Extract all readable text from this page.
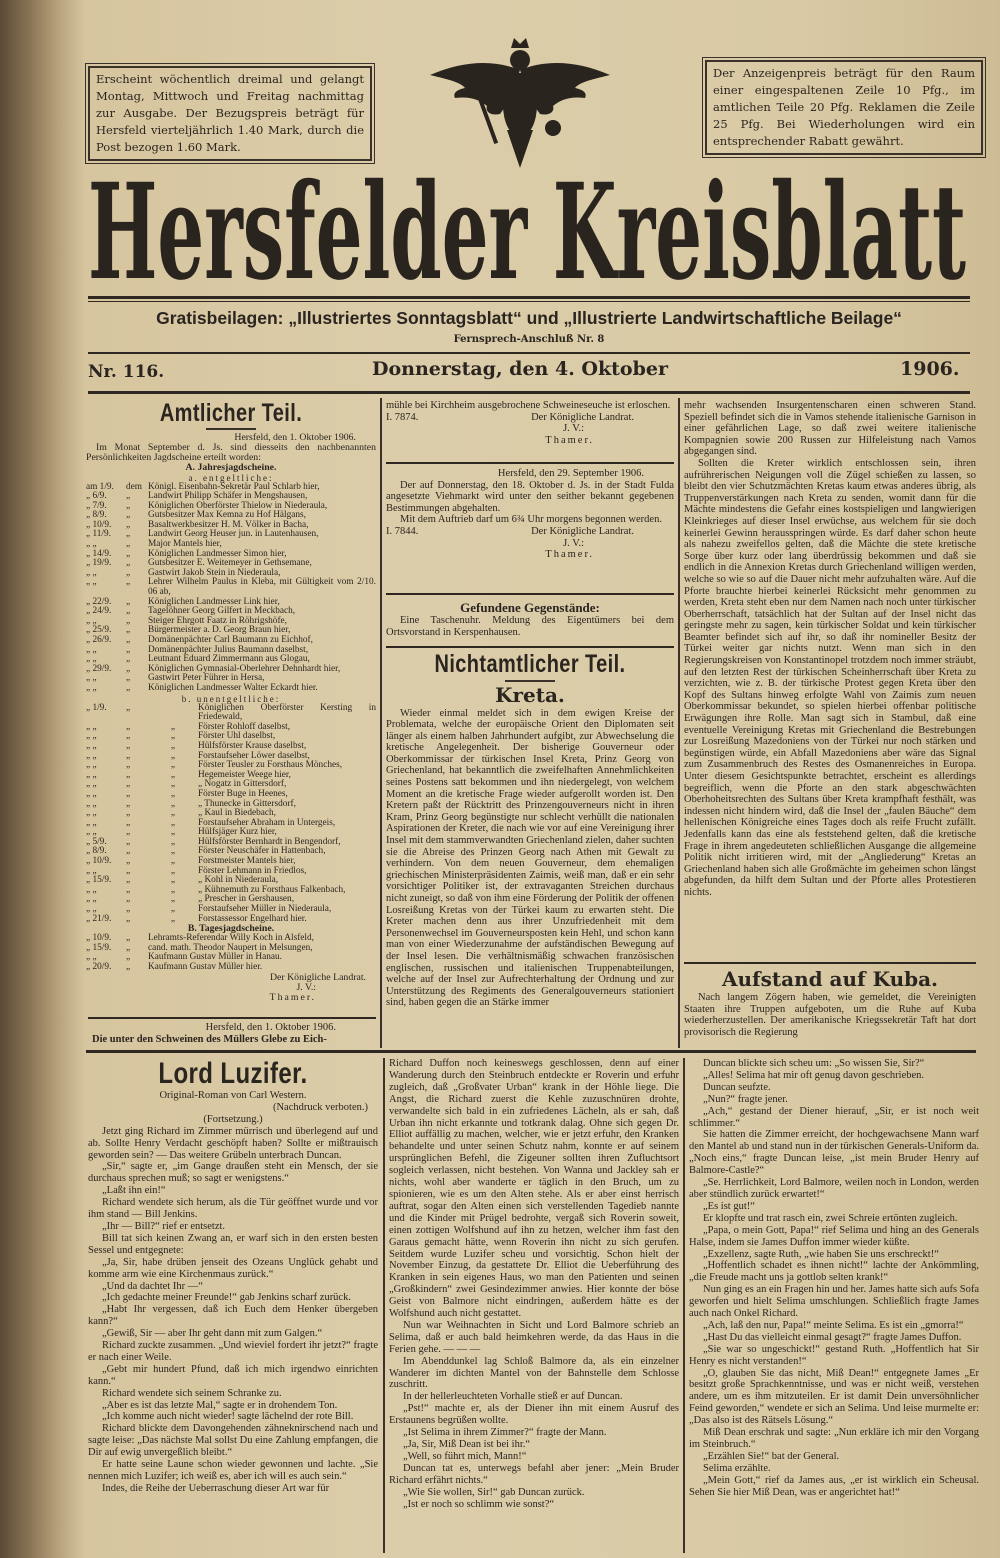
Erscheint wöchentlich dreimal und gelangt Montag, Mittwoch und Freitag nachmittag zur Ausgabe. Der Bezugspreis beträgt für Hersfeld vierteljährlich 1.40 Mark, durch die Post bezogen 1.60 Mark.
Der Anzeigenpreis beträgt für den Raum einer eingespaltenen Zeile 10 Pfg., im amtlichen Teile 20 Pfg. Reklamen die Zeile 25 Pfg. Bei Wiederholungen wird ein entsprechender Rabatt gewährt.
Hersfelder Kreisblatt
Gratisbeilagen: „Illustriertes Sonntagsblatt“ und „Illustrierte Landwirtschaftliche Beilage“
Fernsprech-Anschluß Nr. 8
Nr. 116.	Donnerstag, den 4. Oktober	1906.
Amtlicher Teil.
Hersfeld, den 1. Oktober 1906.

Im Monat September d. Js. sind diesseits den nachbenannten Persönlichkeiten Jagdscheine erteilt worden:

A. Jahresjagdscheine.
a. entgeltliche:
am 1/9.	dem Königl. Eisenbahn-Sekretär Paul Schlarb hier,
„ 6/9.	„	Landwirt Philipp Schäfer in Mengshausen,
„ 7/9.	„	Königlichen Oberförster Thielow in Niederaula,
„ 8/9.	„	Gutsbesitzer Max Kemna zu Hof Hälgans,
„ 10/9.	„	Basaltwerkbesitzer H. M. Völker in Bacha,
„ 11/9.	„	Landwirt Georg Heuser jun. in Lautenhausen,
„ „	„	Major Mantels hier,
„ 14/9.	„	Königlichen Landmesser Simon hier,
„ 19/9.	„	Gutsbesitzer E. Weitemeyer in Gethsemane,
„ „	„	Gastwirt Jakob Stein in Niederaula,
„ „	„	Lehrer Wilhelm Paulus in Kleba, mit Gültigkeit vom 2/10. 06 ab,
„ 22/9.	„	Königlichen Landmesser Link hier,
„ 24/9.	„	Tagelöhner Georg Gilfert in Meckbach,
„ „	„	Steiger Ehrgott Faatz in Röhrigshöfe,
„ 25/9.	„	Bürgermeister a. D. Georg Braun hier,
„ 26/9.	„	Domänenpächter Carl Baumann zu Eichhof,
„ „	„	Domänenpächter Julius Baumann daselbst,
„ „	„	Leutnant Eduard Zimmermann aus Glogau,
„ 29/9.	„	Königlichen Gymnasial-Oberlehrer Dehnhardt hier,
„ „	„	Gastwirt Peter Führer in Hersa,
„ „	„	Königlichen Landmesser Walter Eckardt hier.
b. unentgeltliche:
„ 1/9.	„	Königlichen Oberförster Kersting in Friedewald,
„ „	„	„	Förster Rohloff daselbst,
„ „	„	„	Förster Uhl daselbst,
„ „	„	„	Hülfsförster Krause daselbst,
„ „	„	„	Forstaufseher Löwer daselbst,
„ „	„	„	Förster Teusler zu Forsthaus Mönches,
„ „	„	„	Hegemeister Weege hier,
„ „	„	„	„ Nogatz in Gittersdorf,
„ „	„	„	Förster Buge in Heenes,
„ „	„	„	„ Thunecke in Gittersdorf,
„ „	„	„	„ Kaul in Biedebach,
„ „	„	„	Forstaufseher Abraham in Untergeis,
„ „	„	„	Hülfsjäger Kurz hier,
„ 5/9.	„	„	Hülfsförster Bernhardt in Bengendorf,
„ 8/9.	„	„	Förster Neuschäfer in Hattenbach,
„ 10/9.	„	„	Forstmeister Mantels hier,
„ „	„	„	Förster Lehmann in Friedlos,
„ 15/9.	„	„	„ Kohl in Niederaula,
„ „	„	„	„ Kühnemuth zu Forsthaus Falkenbach,
„ „	„	„	„ Prescher in Gershausen,
„ „	„	„	Forstaufseher Müller in Niederaula,
„ 21/9.	„	„	Forstassessor Engelhard hier.
B. Tagesjagdscheine.
„ 10/9.	„	Lehramts-Referendar Willy Koch in Alsfeld,
„ 15/9.	„	cand. math. Theodor Naupert in Melsungen,
„ „	„	Kaufmann Gustav Müller in Hanau.
„ 20/9.	„	Kaufmann Gustav Müller hier.
Der Königliche Landrat.
J. V.:
Thamer.
Hersfeld, den 1. Oktober 1906.

Die unter den Schweinen des Müllers Glebe zu Eich-

mühle bei Kirchheim ausgebrochene Schweineseuche ist erloschen.
I. 7874.	Der Königliche Landrat.
J. V.:
Thamer.
Hersfeld, den 29. September 1906.

Der auf Donnerstag, den 18. Oktober d. Js. in der Stadt Fulda angesetzte Viehmarkt wird unter den seither bekannt gegebenen Bestimmungen abgehalten.

Mit dem Auftrieb darf um 6¾ Uhr morgens begonnen werden.

I. 7844.	Der Königliche Landrat.
J. V.:
Thamer.
Gefundene Gegenstände:

Eine Taschenuhr. Meldung des Eigentümers bei dem Ortsvorstand in Kerspenhausen.

Nichtamtlicher Teil.
Kreta.

Wieder einmal meldet sich in dem ewigen Kreise der Problemata, welche der europäische Orient den Diplomaten seit länger als einem halben Jahrhundert aufgibt, zur Abwechselung die kretische Angelegenheit. Der bisherige Gouverneur oder Oberkommissar der türkischen Insel Kreta, Prinz Georg von Griechenland, hat bekanntlich die zweifelhaften Annehmlichkeiten seines Postens satt bekommen und ihn niedergelegt, von welchem Moment an die kretische Frage wieder aufgerollt worden ist. Den Kretern paßt der Rücktritt des Prinzengouverneurs nicht in ihren Kram, Prinz Georg begünstigte nur schlecht verhüllt die nationalen Aspirationen der Kreter, die nach wie vor auf eine Vereinigung ihrer Insel mit dem stammverwandten Griechenland zielen, daher suchten sie die Abreise des Prinzen Georg nach Athen mit Gewalt zu verhindern. Von dem neuen Gouverneur, dem ehemaligen griechischen Ministerpräsidenten Zaimis, weiß man, daß er ein sehr vorsichtiger Politiker ist, der extravaganten Streichen durchaus nicht zuneigt, so daß von ihm eine Förderung der Politik der offenen Losreißung Kretas von der Türkei kaum zu erwarten steht. Die Kreter machen denn aus ihrer Unzufriedenheit mit dem Personenwechsel im Gouverneursposten kein Hehl, und schon kann man von einer Wiederzunahme der aufständischen Bewegung auf der Insel lesen. Die verhältnismäßig schwachen französischen englischen, russischen und italienischen Truppenabteilungen, welche auf der Insel zur Aufrechterhaltung der Ordnung und zur Unterstützung des Regiments des Generalgouverneurs stationiert sind, haben gegen die an Stärke immer

mehr wachsenden Insurgentenscharen einen schweren Stand. Speziell befindet sich die in Vamos stehende italienische Garnison in einer gefährlichen Lage, so daß zwei weitere italienische Kompagnien sowie 200 Russen zur Hilfeleistung nach Vamos abgegangen sind.

Sollten die Kreter wirklich entschlossen sein, ihren aufrührerischen Neigungen voll die Zügel schießen zu lassen, so bleibt den vier Schutzmächten Kretas kaum etwas anderes übrig, als Truppenverstärkungen nach Kreta zu senden, womit dann für die Mächte mindestens die Gefahr eines kostspieligen und langwierigen Kleinkrieges auf dieser Insel erwüchse, aus welchem für sie doch keinerlei Gewinn herausspringen würde. Es darf daher schon heute als nahezu zweifellos gelten, daß die Mächte die stete kretische Sorge über kurz oder lang überdrüssig bekommen und daß sie endlich in die Annexion Kretas durch Griechenland willigen werden, welche so wie so auf die Dauer nicht mehr aufzuhalten wäre. Auf die Pforte brauchte hierbei keinerlei Rücksicht mehr genommen zu werden, Kreta steht eben nur dem Namen nach noch unter türkischer Oberherrschaft, tatsächlich hat der Sultan auf der Insel nicht das geringste mehr zu sagen, kein türkischer Soldat und kein türkischer Beamter befindet sich auf ihr, so daß ihr nomineller Besitz der Türkei weiter gar nichts nutzt. Wenn man sich in den Regierungskreisen von Konstantinopel trotzdem noch immer sträubt, auf den letzten Rest der türkischen Scheinherrschaft über Kreta zu verzichten, wie z. B. der türkische Protest gegen Kreta über den Kopf des Sultans hinweg erfolgte Wahl von Zaimis zum neuen Oberkommissar bekundet, so spielen hierbei offenbar politische Erwägungen ihre Rolle. Man sagt sich in Stambul, daß eine eventuelle Vereinigung Kretas mit Griechenland die Bestrebungen zur Losreißung Mazedoniens von der Türkei nur noch stärken und begünstigen würde, ein Abfall Mazedoniens aber wäre das Signal zum Zusammenbruch des Restes des Osmanenreiches in Europa. Unter diesem Gesichtspunkte betrachtet, erscheint es allerdings begreiflich, wenn die Pforte an den stark abgeschwächten Oberhoheitsrechten des Sultans über Kreta krampfhaft festhält, was indessen nicht hindern wird, daß die Insel der „faulen Bäuche“ dem hellenischen Königreiche eines Tages doch als reife Frucht zufällt. Jedenfalls kann das eine als feststehend gelten, daß die kretische Frage in ihrem angedeuteten schließlichen Ausgange die allgemeine Politik nicht irritieren wird, mit der „Angliederung“ Kretas an Griechenland haben sich alle Großmächte im geheimen schon längst abgefunden, da hilft dem Sultan und der Pforte alles Protestieren nichts.

Aufstand auf Kuba.

Nach langem Zögern haben, wie gemeldet, die Vereinigten Staaten ihre Truppen aufgeboten, um die Ruhe auf Kuba wiederherzustellen. Der amerikanische Kriegssekretär Taft hat dort provisorisch die Regierung

Lord Luzifer.
Original-Roman von Carl Western.
(Nachdruck verboten.)
(Fortsetzung.)

Jetzt ging Richard im Zimmer mürrisch und überlegend auf und ab. Sollte Henry Verdacht geschöpft haben? Sollte er mißtrauisch geworden sein? — Das weitere Grübeln unterbrach Duncan.

„Sir,“ sagte er, „im Gange draußen steht ein Mensch, der sie durchaus sprechen muß; so sagt er wenigstens.“

„Laßt ihn ein!“

Richard wendete sich herum, als die Tür geöffnet wurde und vor ihm stand — Bill Jenkins.

„Ihr — Bill?“ rief er entsetzt.

Bill tat sich keinen Zwang an, er warf sich in den ersten besten Sessel und entgegnete:

„Ja, Sir, habe drüben jenseit des Ozeans Unglück gehabt und komme arm wie eine Kirchenmaus zurück.“

„Und da dachtet Ihr —“

„Ich gedachte meiner Freunde!“ gab Jenkins scharf zurück.

„Habt Ihr vergessen, daß ich Euch dem Henker übergeben kann?“

„Gewiß, Sir — aber Ihr geht dann mit zum Galgen.“

Richard zuckte zusammen. „Und wieviel fordert ihr jetzt?“ fragte er nach einer Weile.

„Gebt mir hundert Pfund, daß ich mich irgendwo einrichten kann.“

Richard wendete sich seinem Schranke zu.

„Aber es ist das letzte Mal,“ sagte er in drohendem Ton.

„Ich komme auch nicht wieder! sagte lächelnd der rote Bill.

Richard blickte dem Davongehenden zähneknirschend nach und sagte leise: „Das nächste Mal sollst Du eine Zahlung empfangen, die Dir auf ewig unvergeßlich bleibt.“

Er hatte seine Laune schon wieder gewonnen und lachte. „Sie nennen mich Luzifer; ich weiß es, aber ich will es auch sein.“

Indes, die Reihe der Ueberraschung dieser Art war für

Richard Duffon noch keineswegs geschlossen, denn auf einer Wanderung durch den Steinbruch entdeckte er Roverin und erfuhr zugleich, daß „Großvater Urban“ krank in der Höhle liege. Die Angst, die Richard zuerst die Kehle zuzuschnüren drohte, verwandelte sich bald in ein zufriedenes Lächeln, als er sah, daß Urban ihn nicht erkannte und totkrank dalag. Ohne sich gegen Dr. Elliot auffällig zu machen, welcher, wie er jetzt erfuhr, den Kranken behandelte und unter seinen Schutz nahm, konnte er auf seinem ursprünglichen Befehl, die Zigeuner sollten ihren Zufluchtsort sogleich verlassen, nicht bestehen. Von Wanna und Jackley sah er nichts, wohl aber wanderte er täglich in den Bruch, um zu spionieren, wie es um den Alten stehe. Als er aber einst herrisch auftrat, sogar den Alten einen sich verstellenden Tagedieb nannte und die Kinder mit Prügel bedrohte, vergaß sich Roverin soweit, einen zottigen Wolfshund auf ihn zu hetzen, welcher ihm fast den Garaus gemacht hätte, wenn Roverin ihn nicht zu sich gerufen. Seitdem wurde Luzifer scheu und vorsichtig. Schon hielt der November Einzug, da gestattete Dr. Elliot die Ueberführung des Kranken in sein eigenes Haus, wo man den Patienten und seinen „Großkindern“ zwei Gesindezimmer anwies. Hier konnte der böse Geist von Balmore nicht eindringen, außerdem hätte es der Wolfshund auch nicht gestattet.

Nun war Weihnachten in Sicht und Lord Balmore schrieb an Selima, daß er auch bald heimkehren werde, da das Haus in die Ferien gehe. — — —

Im Abenddunkel lag Schloß Balmore da, als ein einzelner Wanderer im dichten Mantel von der Bahnstelle dem Schlosse zuschritt.

In der hellerleuchteten Vorhalle stieß er auf Duncan.

„Pst!“ machte er, als der Diener ihn mit einem Ausruf des Erstaunens begrüßen wollte.

„Ist Selima in ihrem Zimmer?“ fragte der Mann.

„Ja, Sir, Miß Dean ist bei ihr.“

„Well, so führt mich, Mann!“

Duncan tat es, unterwegs befahl aber jener: „Mein Bruder Richard erfährt nichts.“

„Wie Sie wollen, Sir!“ gab Duncan zurück.

„Ist er noch so schlimm wie sonst?“

Duncan blickte sich scheu um: „So wissen Sie, Sir?“

„Alles! Selima hat mir oft genug davon geschrieben.

Duncan seufzte.

„Nun?“ fragte jener.

„Ach,“ gestand der Diener hierauf, „Sir, er ist noch weit schlimmer.“

Sie hatten die Zimmer erreicht, der hochgewachsene Mann warf den Mantel ab und stand nun in der türkischen Generals-Uniform da. „Noch eins,“ fragte Duncan leise, „ist mein Bruder Henry auf Balmore-Castle?“

„Se. Herrlichkeit, Lord Balmore, weilen noch in London, werden aber stündlich zurück erwartet!“

„Es ist gut!“

Er klopfte und trat rasch ein, zwei Schreie ertönten zugleich.

„Papa, o mein Gott, Papa!“ rief Selima und hing an des Generals Halse, indem sie James Duffon immer wieder küßte.

„Exzellenz, sagte Ruth, „wie haben Sie uns erschreckt!“

„Hoffentlich schadet es ihnen nicht!“ lachte der Ankömmling, „die Freude macht uns ja gottlob selten krank!“

Nun ging es an ein Fragen hin und her. James hatte sich aufs Sofa geworfen und hielt Selima umschlungen. Schließlich fragte James auch nach Onkel Richard.

„Ach, laß den nur, Papa!“ meinte Selima. Es ist ein „gmorra!“

„Hast Du das vielleicht einmal gesagt?“ fragte James Duffon.

„Sie war so ungeschickt!“ gestand Ruth. „Hoffentlich hat Sir Henry es nicht verstanden!“

„O, glauben Sie das nicht, Miß Dean!“ entgegnete James „Er besitzt große Sprachkenntnisse, und was er nicht weiß, verstehen andere, um es ihm mitzuteilen. Er ist damit Dein unversöhnlicher Feind geworden,“ wendete er sich an Selima. Und leise murmelte er: „Das also ist des Rätsels Lösung.“

Miß Dean erschrak und sagte: „Nun erkläre ich mir den Vorgang im Steinbruch.“

„Erzählen Sie!“ bat der General.

Selima erzählte.

„Mein Gott,“ rief da James aus, „er ist wirklich ein Scheusal. Sehen Sie hier Miß Dean, was er angerichtet hat!“
